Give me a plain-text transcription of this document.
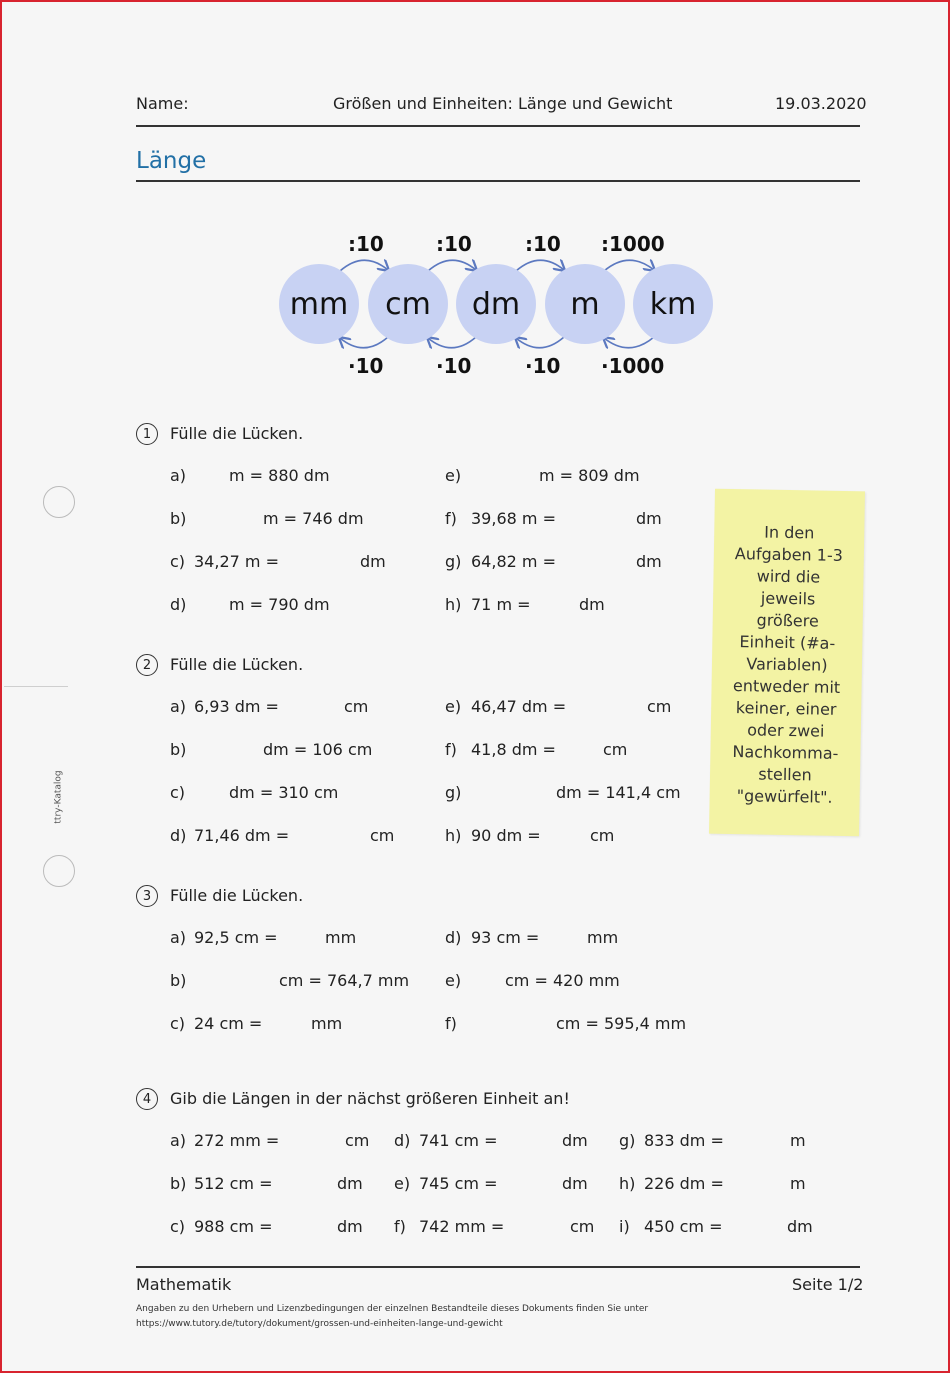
Name:	Größen und Einheiten: Länge und Gewicht	19.03.2020
Länge
:10	:10	:10 :1000
mm cm dm m km
·10	·10	·10 ·1000
1	Fülle die Lücken.
a)	m = 880 dm
b)	m = 746 dm
c) 34,27 m =	dm
d)	m = 790 dm
e)	m = 809 dm
f) 39,68 m =	dm
g) 64,82 m =	dm
h) 71 m =	dm
2	Fülle die Lücken.
a) 6,93 dm =	cm
b)	dm = 106 cm
c)	dm = 310 cm
d) 71,46 dm =	cm
e) 46,47 dm =	cm
f) 41,8 dm =	cm
g)	dm = 141,4 cm
h) 90 dm =	cm
3	Fülle die Lücken.
a) 92,5 cm =	mm
b)	cm = 764,7 mm
c) 24 cm =	mm
d) 93 cm =	mm
e)	cm = 420 mm
f)	cm = 595,4 mm
4	Gib die Längen in der nächst größeren Einheit an!
a) 272 mm =	cm
b) 512 cm =	dm
c) 988 cm =	dm
d) 741 cm =	dm
e) 745 cm =	dm
f) 742 mm =	cm
g) 833 dm =	m
h) 226 dm =	m
i) 450 cm =	dm
In den Aufgaben 1-3 wird die jeweils größere Einheit (#a-Variablen) entweder mit keiner, einer oder zwei Nachkomma-stellen "gewürfelt".
ttry-Katalog
Mathematik	Seite 1/2
Angaben zu den Urhebern und Lizenzbedingungen der einzelnen Bestandteile dieses Dokuments finden Sie unter
https://www.tutory.de/tutory/dokument/grossen-und-einheiten-lange-und-gewicht
